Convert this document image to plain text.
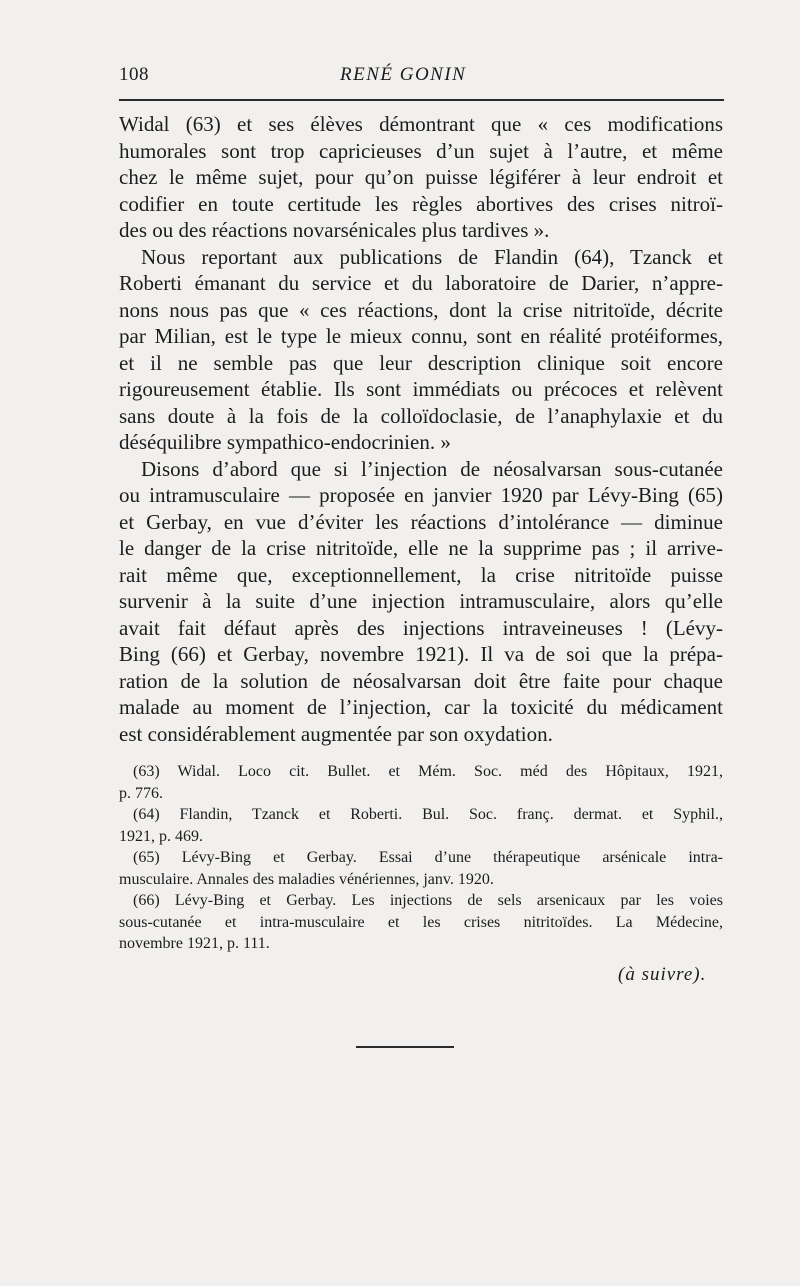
108	RENÉ GONIN
Widal (63) et ses élèves démontrant que « ces modifications
humorales sont trop capricieuses d’un sujet à l’autre, et même
chez le même sujet, pour qu’on puisse légiférer à leur endroit et
codifier en toute certitude les règles abortives des crises nitroï-
des ou des réactions novarsénicales plus tardives ».
Nous reportant aux publications de Flandin (64), Tzanck et
Roberti émanant du service et du laboratoire de Darier, n’appre-
nons nous pas que « ces réactions, dont la crise nitritoïde, décrite
par Milian, est le type le mieux connu, sont en réalité protéiformes,
et il ne semble pas que leur description clinique soit encore
rigoureusement établie. Ils sont immédiats ou précoces et relèvent
sans doute à la fois de la colloïdoclasie, de l’anaphylaxie et du
déséquilibre sympathico-endocrinien. »
Disons d’abord que si l’injection de néosalvarsan sous-cutanée
ou intramusculaire — proposée en janvier 1920 par Lévy-Bing (65)
et Gerbay, en vue d’éviter les réactions d’intolérance — diminue
le danger de la crise nitritoïde, elle ne la supprime pas ; il arrive-
rait même que, exceptionnellement, la crise nitritoïde puisse
survenir à la suite d’une injection intramusculaire, alors qu’elle
avait fait défaut après des injections intraveineuses ! (Lévy-
Bing (66) et Gerbay, novembre 1921). Il va de soi que la prépa-
ration de la solution de néosalvarsan doit être faite pour chaque
malade au moment de l’injection, car la toxicité du médicament
est considérablement augmentée par son oxydation.
(63) Widal. Loco cit. Bullet. et Mém. Soc. méd des Hôpitaux, 1921,
p. 776.
(64) Flandin, Tzanck et Roberti. Bul. Soc. franç. dermat. et Syphil.,
1921, p. 469.
(65) Lévy-Bing et Gerbay. Essai d’une thérapeutique arsénicale intra-
musculaire. Annales des maladies vénériennes, janv. 1920.
(66) Lévy-Bing et Gerbay. Les injections de sels arsenicaux par les voies
sous-cutanée et intra-musculaire et les crises nitritoïdes. La Médecine,
novembre 1921, p. 111.
(à suivre).
